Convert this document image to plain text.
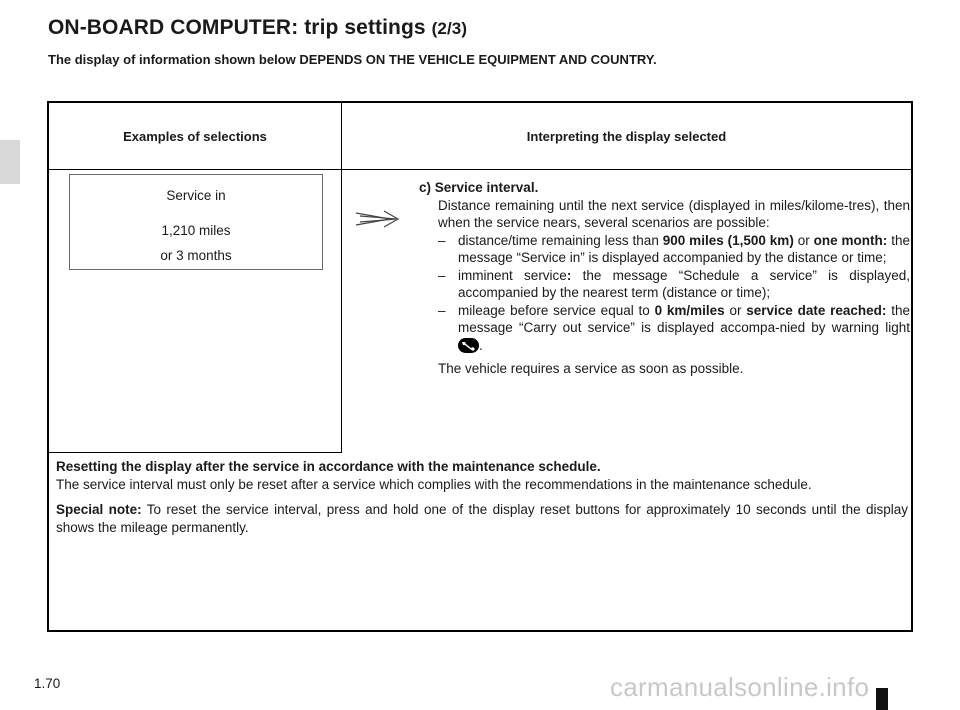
ON-BOARD COMPUTER: trip settings (2/3)
The display of information shown below DEPENDS ON THE VEHICLE EQUIPMENT AND COUNTRY.
Examples of selections	Interpreting the display selected
Service in
1,210 miles
or 3 months
c) Service interval.
Distance remaining until the next service (displayed in miles/kilome-tres), then when the service nears, several scenarios are possible:
– distance/time remaining less than 900 miles (1,500 km) or one month: the message “Service in” is displayed accompanied by the distance or time;
– imminent service: the message “Schedule a service” is displayed, accompanied by the nearest term (distance or time);
– mileage before service equal to 0 km/miles or service date reached: the message “Carry out service” is displayed accompa-nied by warning light
.
The vehicle requires a service as soon as possible.

Resetting the display after the service in accordance with the maintenance schedule.

The service interval must only be reset after a service which complies with the recommendations in the maintenance schedule.

Special note: To reset the service interval, press and hold one of the display reset buttons for approximately 10 seconds until the display shows the mileage permanently.

1.70	carmanualsonline.info
